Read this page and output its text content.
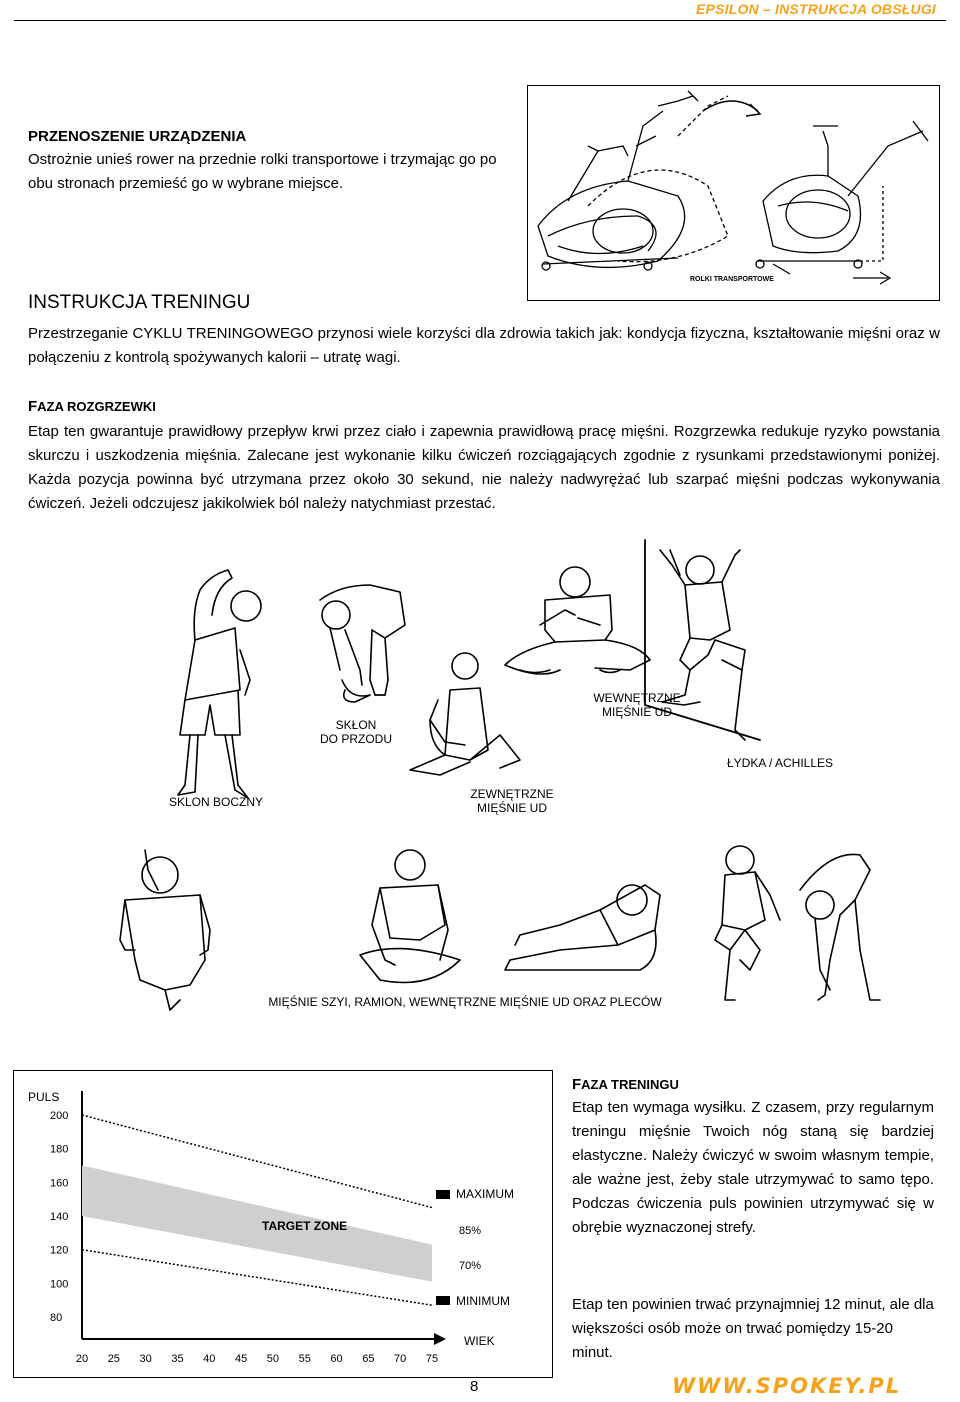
EPSILON – INSTRUKCJA OBSŁUGI
PRZENOSZENIE URZĄDZENIA
Ostrożnie unieś rower na przednie rolki transportowe i trzymając go po obu stronach przemieść go w wybrane miejsce.
ROLKI TRANSPORTOWE
INSTRUKCJA TRENINGU
Przestrzeganie CYKLU TRENINGOWEGO przynosi wiele korzyści dla zdrowia takich jak: kondycja fizyczna, kształtowanie mięśni oraz w połączeniu z kontrolą spożywanych kalorii – utratę wagi.
FAZA ROZGRZEWKI
Etap ten gwarantuje prawidłowy przepływ krwi przez ciało i zapewnia prawidłową pracę mięśni. Rozgrzewka redukuje ryzyko powstania skurczu i uszkodzenia mięśnia. Zalecane jest wykonanie kilku ćwiczeń rozciągających zgodnie z rysunkami przedstawionymi poniżej. Każda pozycja powinna być utrzymana przez około 30 sekund, nie należy nadwyrężać lub szarpać mięśni podczas wykonywania ćwiczeń. Jeżeli odczujesz jakikolwiek ból należy natychmiast przestać.
SKLON BOCZNY
SKŁON
DO PRZODU
ZEWNĘTRZNE
MIĘŚNIE UD
WEWNĘTRZNE
MIĘŚNIE UD
ŁYDKA / ACHILLES
MIĘŚNIE SZYI, RAMION, WEWNĘTRZNE MIĘŚNIE UD ORAZ PLECÓW
PULS
WIEK
200
180
160
140
120
100
80
20 25 30 35 40 45 50 55 60 65 70 75
TARGET ZONE
MAXIMUM
85%
70%
MINIMUM
FAZA TRENINGU
Etap ten wymaga wysiłku. Z czasem, przy regularnym treningu mięśnie Twoich nóg staną się bardziej elastyczne. Należy ćwiczyć w swoim własnym tempie, ale ważne jest, żeby stale utrzymywać to samo tępo. Podczas ćwiczenia puls powinien utrzymywać się w obrębie wyznaczonej strefy.
Etap ten powinien trwać przynajmniej 12 minut, ale dla większości osób może on trwać pomiędzy 15-20 minut.
8	WWW.SPOKEY.PL
